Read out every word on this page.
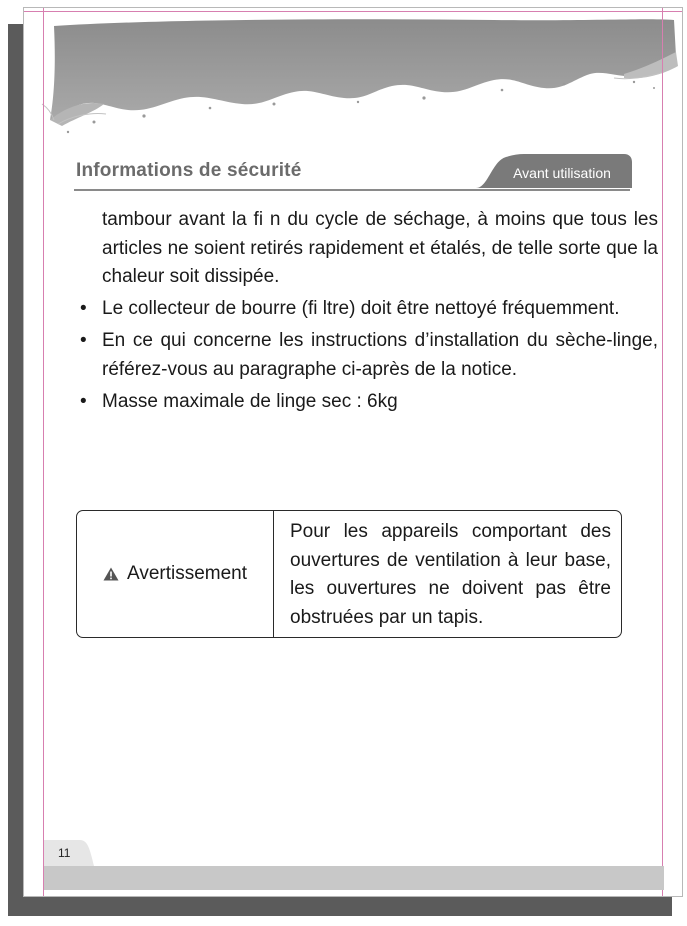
Informations de sécurité	Avant utilisation

tambour avant la fi n du cycle de séchage, à moins que tous les articles ne soient retirés rapidement et étalés, de telle sorte que la chaleur soit dissipée.

• Le collecteur de bourre (fi ltre) doit être nettoyé fréquemment.
• En ce qui concerne les instructions d’installation du sèche-linge, référez-vous au paragraphe ci-après de la notice.
• Masse maximale de linge sec : 6kg
Avertissement
Pour les appareils comportant des ouvertures de ventilation à leur base, les ouvertures ne doivent pas être obstruées par un tapis.
11
